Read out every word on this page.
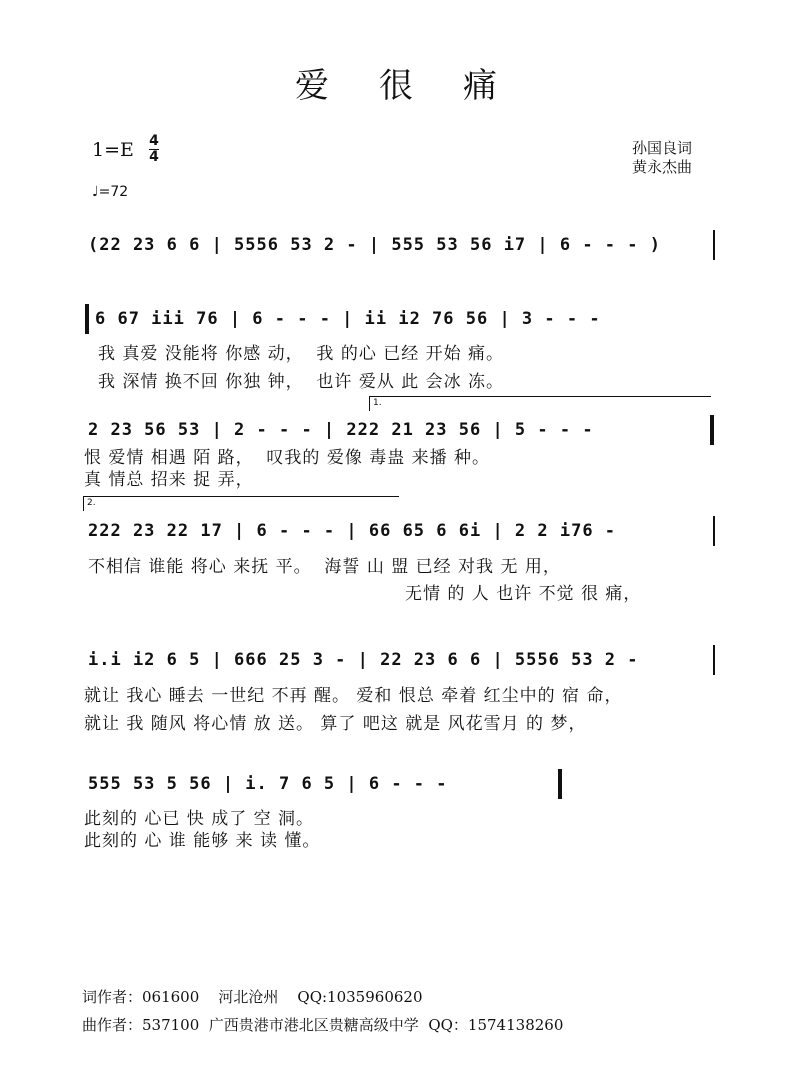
爱很痛
1=E 4
4
♩=72
孙国良词
黄永杰曲
(22 23 6 6 | 5556 53 2 - | 555 53 56 i7 | 6 - - - )
6 67 iii 76 | 6 - - - | ii i2 76 56 | 3 - - -
我 真爱 没能将 你感 动，  我 的心 已经 开始 痛。
我 深情 换不回 你独 钟，  也许 爱从 此 会冰 冻。
1.
2 23 56 53 | 2 - - - | 222 21 23 56 | 5 - - -
恨 爱情 相遇 陌 路，  叹我的 爱像 毒蛊 来播 种。
真 情总 招来 捉 弄，
2.
222 23 22 17 | 6 - - - | 66 65 6 6i | 2 2 i76 -
不相信 谁能 将心 来抚 平。  海誓 山 盟 已经 对我 无 用，
无情 的 人 也许 不觉 很 痛，
i.i i2 6 5 | 666 25 3 - | 22 23 6 6 | 5556 53 2 -
就让 我心 睡去 一世纪 不再 醒。 爱和 恨总 牵着 红尘中的 宿 命，
就让 我 随风 将心情 放 送。 算了 吧这 就是 风花雪月 的 梦，
555 53 5 56 | i. 7 6 5 | 6 - - -
此刻的 心已 快 成了 空 洞。
此刻的 心 谁 能够 来 读 懂。
词作者：061600    河北沧州    QQ:1035960620
曲作者：537100  广西贵港市港北区贵糖高级中学  QQ：1574138260
